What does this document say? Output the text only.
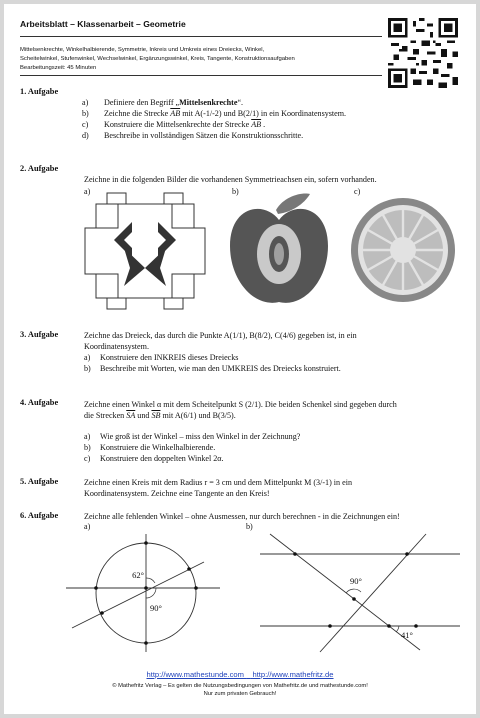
Arbeitsblatt – Klassenarbeit – Geometrie
Mittelsenkrechte, Winkelhalbierende, Symmetrie, Inkreis und Umkreis eines Dreiecks, Winkel,
Scheitelwinkel, Stufenwinkel, Wechselwinkel, Ergänzungswinkel, Kreis, Tangente, Konstruktionsaufgaben
Bearbeitungszeit: 45 Minuten
1. Aufgabe
a) Definiere den Begriff „Mittelsenkrechte“.
b) Zeichne die Strecke $\overline{AB}$ mit A(-1/-2) und B(2/1) in ein Koordinatensystem.
c) Konstruiere die Mittelsenkrechte der Strecke $\overline{AB}$ .
d) Beschreibe in vollständigen Sätzen die Konstruktionsschritte.
2. Aufgabe
Zeichne in die folgenden Bilder die vorhandenen Symmetrieachsen ein, sofern vorhanden.
a)	b)	c)
3. Aufgabe	Zeichne das Dreieck, das durch die Punkte A(1/1), B(8/2), C(4/6) gegeben ist, in ein
Koordinatensystem.
a) Konstruiere den INKREIS dieses Dreiecks
b) Beschreibe mit Worten, wie man den UMKREIS des Dreiecks konstruiert.
4. Aufgabe	Zeichne einen Winkel α mit dem Scheitelpunkt S (2/1). Die beiden Schenkel sind gegeben durch
die Strecken $\overline{SA}$ und $\overline{SB}$ mit A(6/1) und B(3/5).
a) Wie groß ist der Winkel – miss den Winkel in der Zeichnung?
b) Konstruiere die Winkelhalbierende.
c) Konstruiere den doppelten Winkel 2α.
5. Aufgabe	Zeichne einen Kreis mit dem Radius r = 3 cm und dem Mittelpunkt M (3/-1) in ein
Koordinatensystem. Zeichne eine Tangente an den Kreis!
6. Aufgabe	Zeichne alle fehlenden Winkel – ohne Ausmessen, nur durch berechnen - in die Zeichnungen ein!
a)	b)
62°
90°
90°
41°
http://www.mathestunde.com http://www.mathefritz.de
© Mathefritz Verlag – Es gelten die Nutzungsbedingungen von Mathefritz.de und mathestunde.com!
Nur zum privaten Gebrauch!
